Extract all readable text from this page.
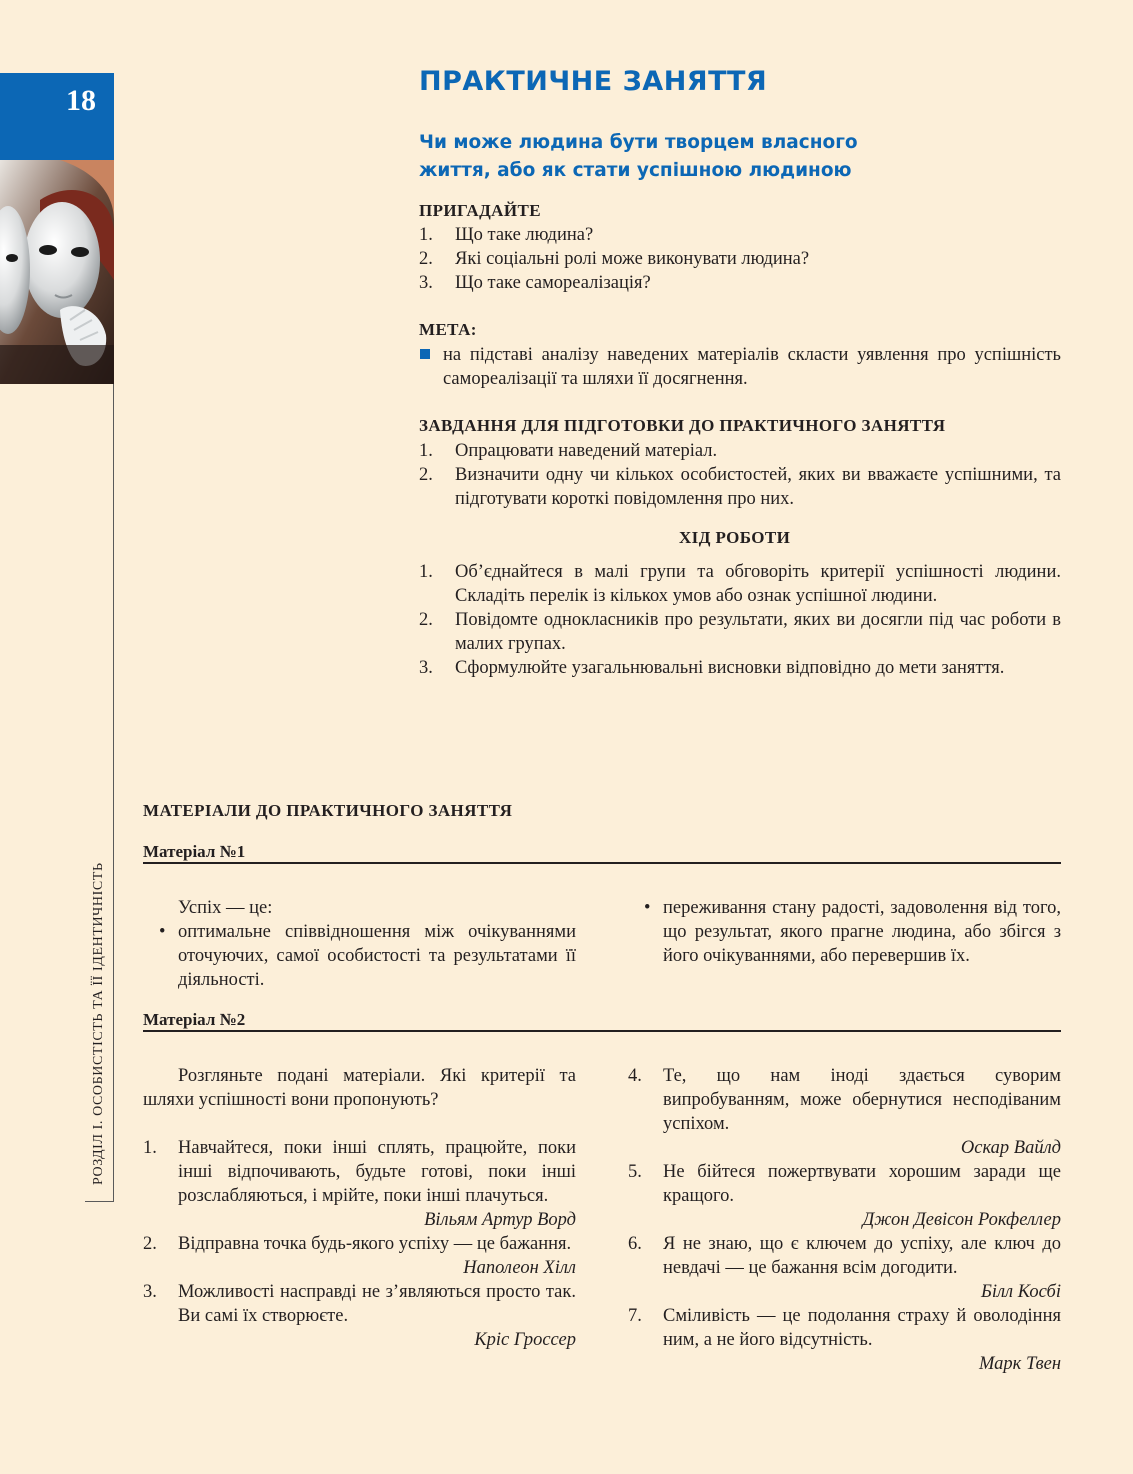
18
РОЗДІЛ I. ОСОБИСТІСТЬ ТА ЇЇ ІДЕНТИЧНІСТЬ
ПРАКТИЧНЕ ЗАНЯТТЯ
Чи може людина бути творцем власного
життя, або як стати успішною людиною
ПРИГАДАЙТЕ
1. Що таке людина?
2. Які соціальні ролі може виконувати людина?
3. Що таке самореалізація?
МЕТА:
на підставі аналізу наведених матеріалів скласти уявлення про успішність самореалізації та шляхи її досягнення.
ЗАВДАННЯ ДЛЯ ПІДГОТОВКИ ДО ПРАКТИЧНОГО ЗАНЯТТЯ
1. Опрацювати наведений матеріал.
2. Визначити одну чи кількох особистостей, яких ви вважаєте успішними, та підготувати короткі повідомлення про них.
ХІД РОБОТИ
1. Об’єднайтеся в малі групи та обговоріть критерії успішності людини. Складіть перелік із кількох умов або ознак успішної людини.
2. Повідомте однокласників про результати, яких ви досягли під час роботи в малих групах.
3. Сформулюйте узагальнювальні висновки відповідно до мети заняття.
МАТЕРІАЛИ ДО ПРАКТИЧНОГО ЗАНЯТТЯ
Матеріал №1
Успіх — це:
• оптимальне співвідношення між очікуваннями оточуючих, самої особистості та результатами її діяльності.
• переживання стану радості, задоволення від того, що результат, якого прагне людина, або збігся з його очікуваннями, або перевершив їх.
Матеріал №2
Розгляньте подані матеріали. Які критерії та шляхи успішності вони пропонують?
1. Навчайтеся, поки інші сплять, працюйте, поки інші відпочивають, будьте готові, поки інші розслабляються, і мрійте, поки інші плачуться.
Вільям Артур Ворд
2. Відправна точка будь-якого успіху — це бажання.
Наполеон Хілл
3. Можливості насправді не з’являються просто так. Ви самі їх створюєте.
Кріс Гроссер
4. Те, що нам іноді здається суворим випробуванням, може обернутися несподіваним успіхом.
Оскар Вайлд
5. Не бійтеся пожертвувати хорошим заради ще кращого.
Джон Девісон Рокфеллер
6. Я не знаю, що є ключем до успіху, але ключ до невдачі — це бажання всім догодити.
Білл Косбі
7. Сміливість — це подолання страху й оволодіння ним, а не його відсутність.
Марк Твен
